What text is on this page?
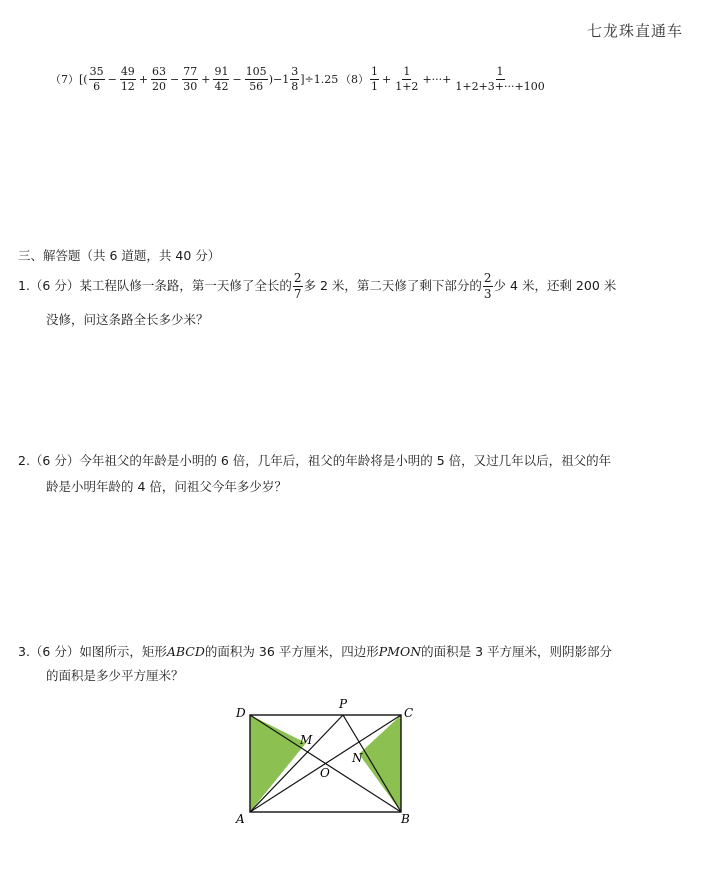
七龙珠直通车
（7） [( $\frac{35}{6} - \frac{49}{12} + \frac{63}{20} - \frac{77}{30} + \frac{91}{42} - \frac{105}{56} )-1 \frac{3}{8} ]\div 1.25$ $(8) \frac{1}{1} + \frac{1}{1+2}$ +···+ $\frac{1}{1+2+3+\cdot\cdot\cdot+100}$
三、解答题（共 6 道题，共 40 分）
1.（6 分）某工程队修一条路，第一天修了全长的 $\frac{2}{7}$ 多 2 米，第二天修了剩下部分的 $\frac{2}{3}$ 少 4 米，还剩 200 米
没修，问这条路全长多少米？
2.（6 分）今年祖父的年龄是小明的 6 倍，几年后，祖父的年龄将是小明的 5 倍，又过几年以后，祖父的年
龄是小明年龄的 4 倍，问祖父今年多少岁？
3.（6 分）如图所示，矩形ABCD的面积为 36 平方厘米，四边形PMON的面积是 3 平方厘米，则阴影部分
的面积是多少平方厘米？
D
P
C
M
N
O
A	B
